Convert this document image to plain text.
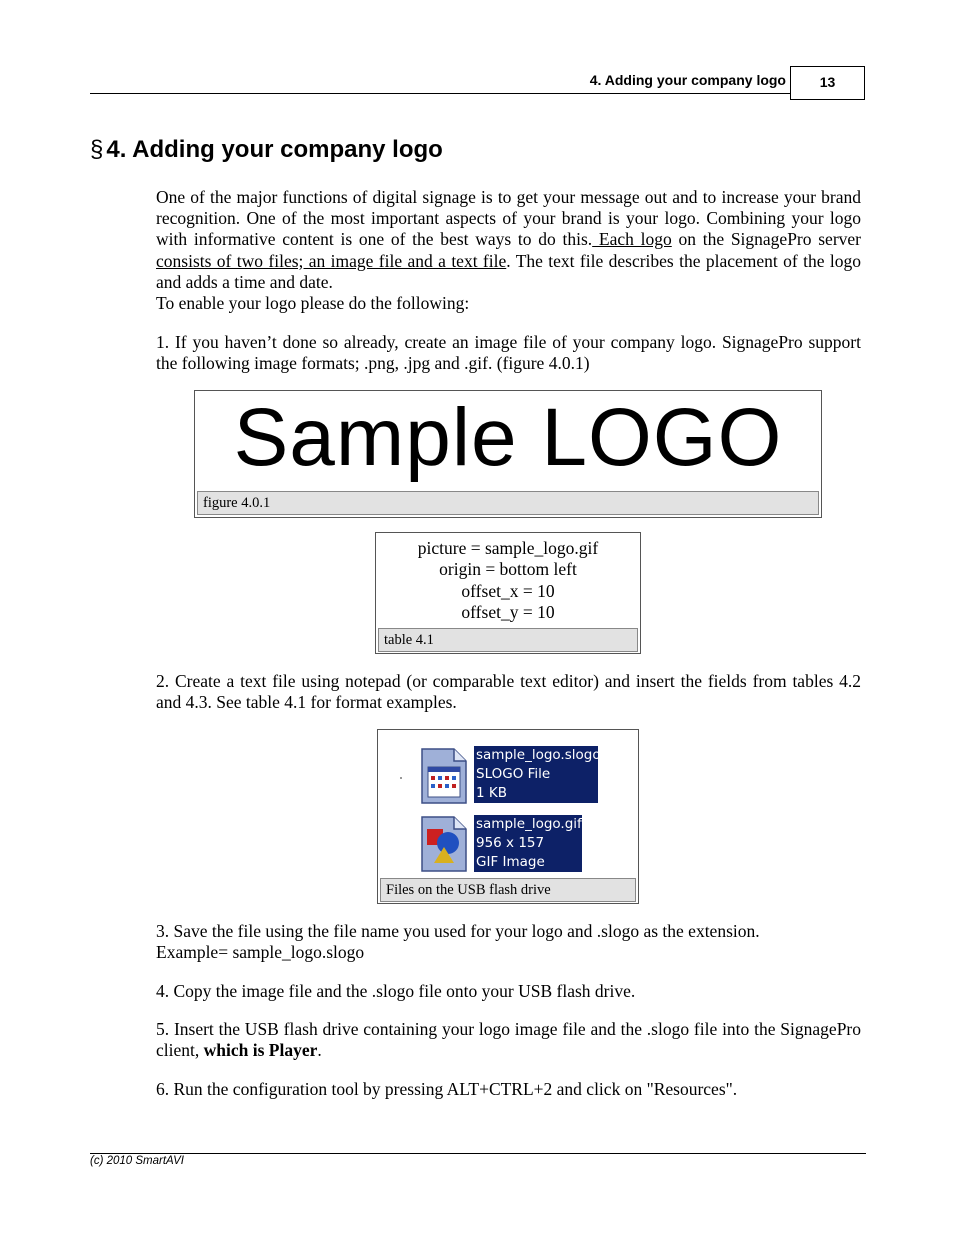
4. Adding your company logo	13
§ 4. Adding your company logo

One of the major functions of digital signage is to get your message out and to increase your brand recognition. One of the most important aspects of your brand is your logo. Combining your logo with informative content is one of the best ways to do this. Each logo on the SignagePro server consists of two files; an image file and a text file. The text file describes the placement of the logo and adds a time and date.

To enable your logo please do the following:

1. If you haven’t done so already, create an image file of your company logo. SignagePro support the following image formats; .png, .jpg and .gif. (figure 4.0.1)

Sample LOGO
figure 4.0.1
picture = sample_logo.gif
origin = bottom left
offset_x = 10
offset_y = 10
table 4.1

2. Create a text file using notepad (or comparable text editor) and insert the fields from tables 4.2 and 4.3. See table 4.1 for format examples.

sample_logo.slogo
SLOGO File
1 KB
sample_logo.gif
956 x 157
GIF Image
Files on the USB flash drive

3. Save the file using the file name you used for your logo and .slogo as the extension.
Example= sample_logo.slogo

4. Copy the image file and the .slogo file onto your USB flash drive.

5. Insert the USB flash drive containing your logo image file and the .slogo file into the SignagePro client, which is Player.

6. Run the configuration tool by pressing ALT+CTRL+2 and click on "Resources".

(c) 2010 SmartAVI
